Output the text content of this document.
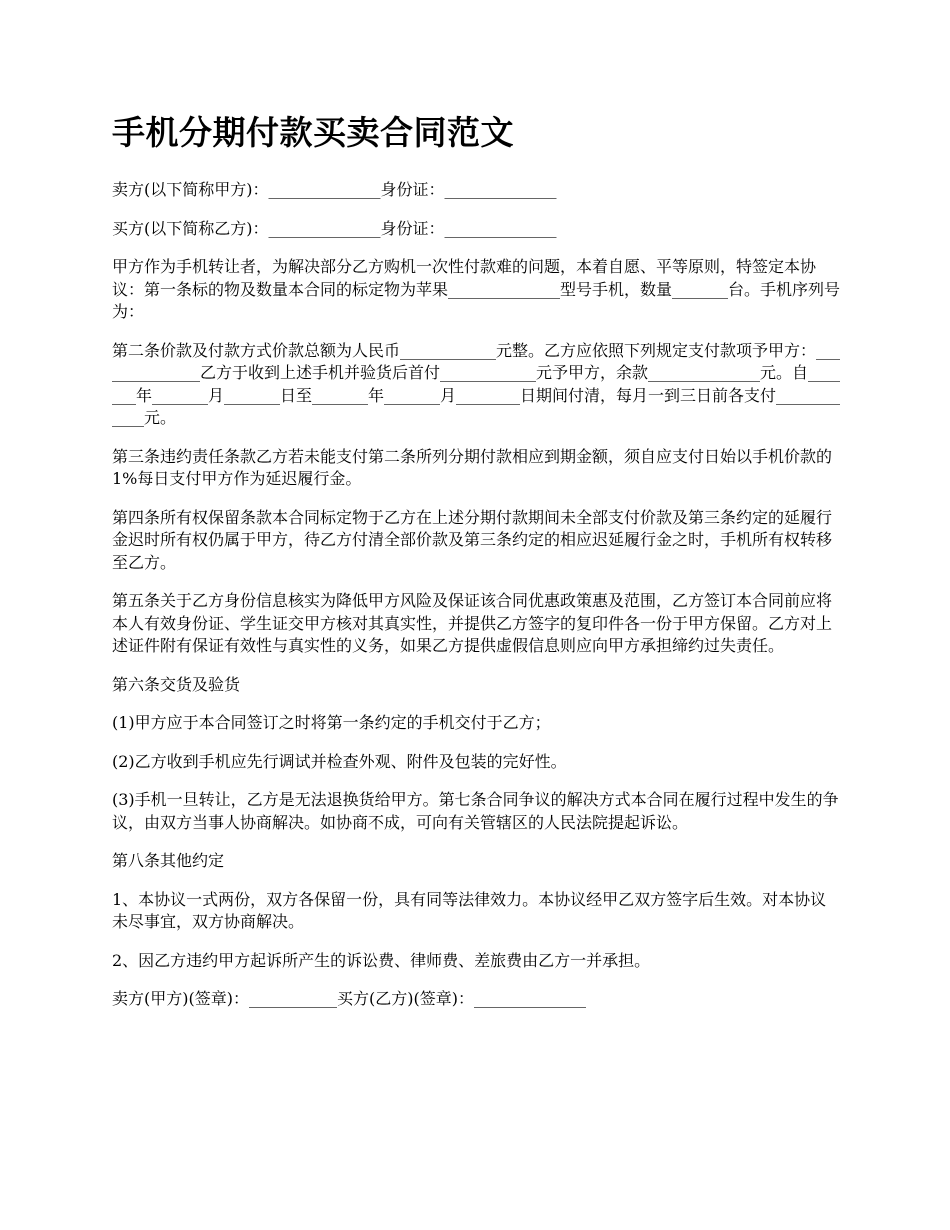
手机分期付款买卖合同范文

卖方(以下简称甲方)：______________身份证：______________

买方(以下简称乙方)：______________身份证：______________

甲方作为手机转让者，为解决部分乙方购机一次性付款难的问题，本着自愿、平等原则，特签定本协议：第一条标的物及数量本合同的标定物为苹果______________型号手机，数量_______台。手机序列号为：

第二条价款及付款方式价款总额为人民币____________元整。乙方应依照下列规定支付款项予甲方：______________乙方于收到上述手机并验货后首付____________元予甲方，余款______________元。自_______年_______月_______日至_______年_______月________日期间付清，每月一到三日前各支付____________元。

第三条违约责任条款乙方若未能支付第二条所列分期付款相应到期金额，须自应支付日始以手机价款的1%每日支付甲方作为延迟履行金。

第四条所有权保留条款本合同标定物于乙方在上述分期付款期间未全部支付价款及第三条约定的延履行金迟时所有权仍属于甲方，待乙方付清全部价款及第三条约定的相应迟延履行金之时，手机所有权转移至乙方。

第五条关于乙方身份信息核实为降低甲方风险及保证该合同优惠政策惠及范围，乙方签订本合同前应将本人有效身份证、学生证交甲方核对其真实性，并提供乙方签字的复印件各一份于甲方保留。乙方对上述证件附有保证有效性与真实性的义务，如果乙方提供虚假信息则应向甲方承担缔约过失责任。

第六条交货及验货

(1)甲方应于本合同签订之时将第一条约定的手机交付于乙方；

(2)乙方收到手机应先行调试并检查外观、附件及包装的完好性。

(3)手机一旦转让，乙方是无法退换货给甲方。第七条合同争议的解决方式本合同在履行过程中发生的争议，由双方当事人协商解决。如协商不成，可向有关管辖区的人民法院提起诉讼。

第八条其他约定

1、本协议一式两份，双方各保留一份，具有同等法律效力。本协议经甲乙双方签字后生效。对本协议未尽事宜，双方协商解决。

2、因乙方违约甲方起诉所产生的诉讼费、律师费、差旅费由乙方一并承担。

卖方(甲方)(签章)：___________买方(乙方)(签章)：______________
